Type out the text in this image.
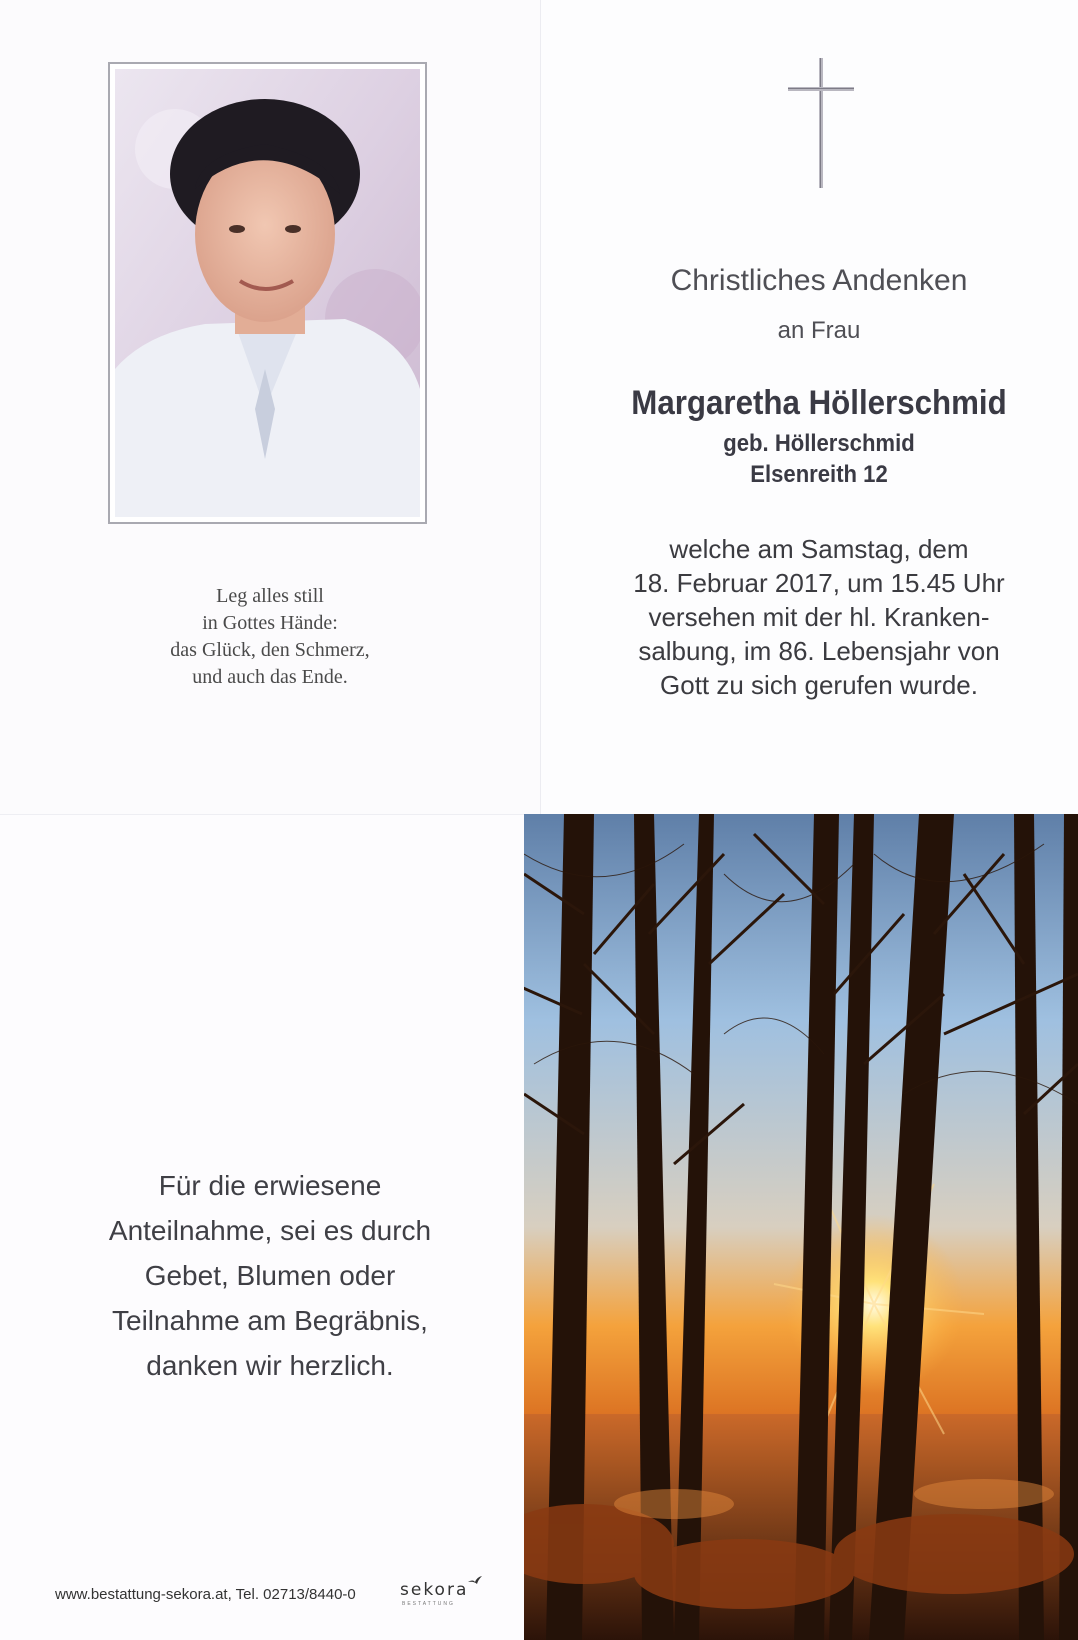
Leg alles still
in Gottes Hände:
das Glück, den Schmerz,
und auch das Ende.
Christliches Andenken
an Frau
Margaretha Höllerschmid
geb. Höllerschmid
Elsenreith 12
welche am Samstag, dem
18. Februar 2017, um 15.45 Uhr
versehen mit der hl. Kranken-
salbung, im 86. Lebensjahr von
Gott zu sich gerufen wurde.
Für die erwiesene
Anteilnahme, sei es durch
Gebet, Blumen oder
Teilnahme am Begräbnis,
danken wir herzlich.
www.bestattung-sekora.at, Tel. 02713/8440-0	sekora
BESTATTUNG
